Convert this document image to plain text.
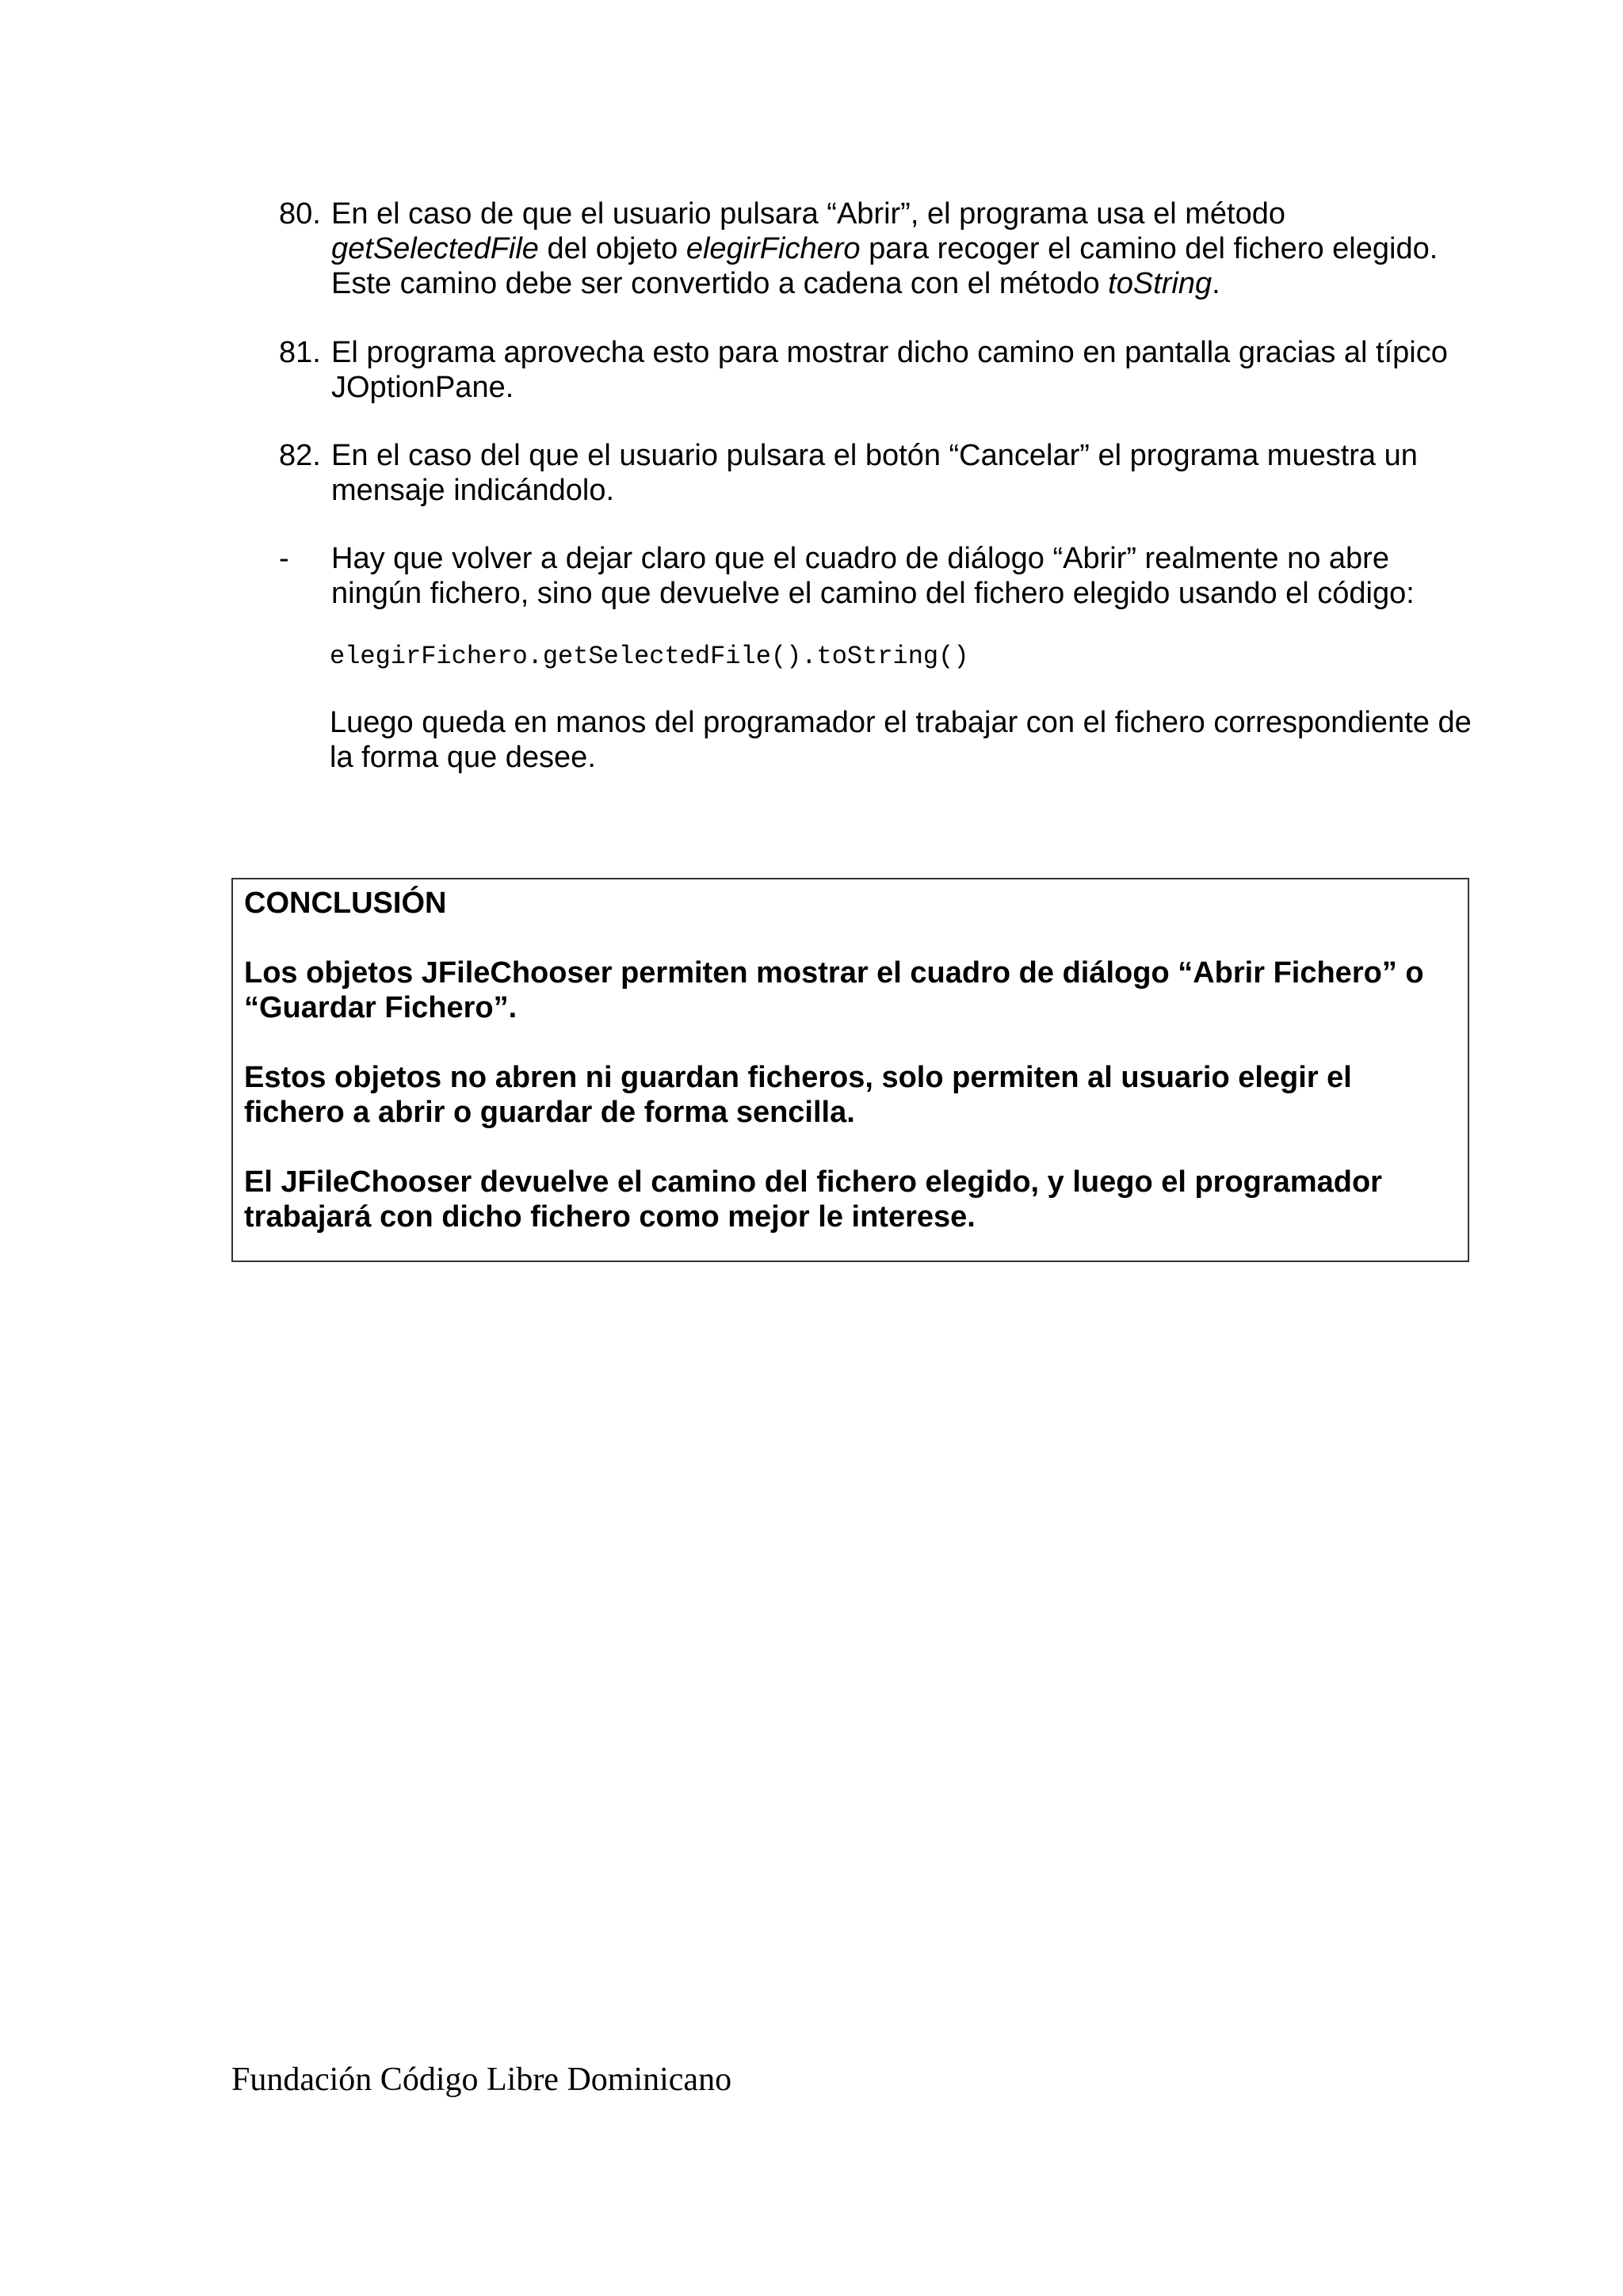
80. En el caso de que el usuario pulsara “Abrir”, el programa usa el método getSelectedFile del objeto elegirFichero para recoger el camino del fichero elegido. Este camino debe ser convertido a cadena con el método toString.

81. El programa aprovecha esto para mostrar dicho camino en pantalla gracias al típico JOptionPane.

82. En el caso del que el usuario pulsara el botón “Cancelar” el programa muestra un mensaje indicándolo.

- Hay que volver a dejar claro que el cuadro de diálogo “Abrir” realmente no abre ningún fichero, sino que devuelve el camino del fichero elegido usando el código:

elegirFichero.getSelectedFile().toString()

Luego queda en manos del programador el trabajar con el fichero correspondiente de la forma que desee.

CONCLUSIÓN

Los objetos JFileChooser permiten mostrar el cuadro de diálogo “Abrir Fichero” o “Guardar Fichero”.

Estos objetos no abren ni guardan ficheros, solo permiten al usuario elegir el fichero a abrir o guardar de forma sencilla.

El JFileChooser devuelve el camino del fichero elegido, y luego el programador trabajará con dicho fichero como mejor le interese.

Fundación Código Libre Dominicano
